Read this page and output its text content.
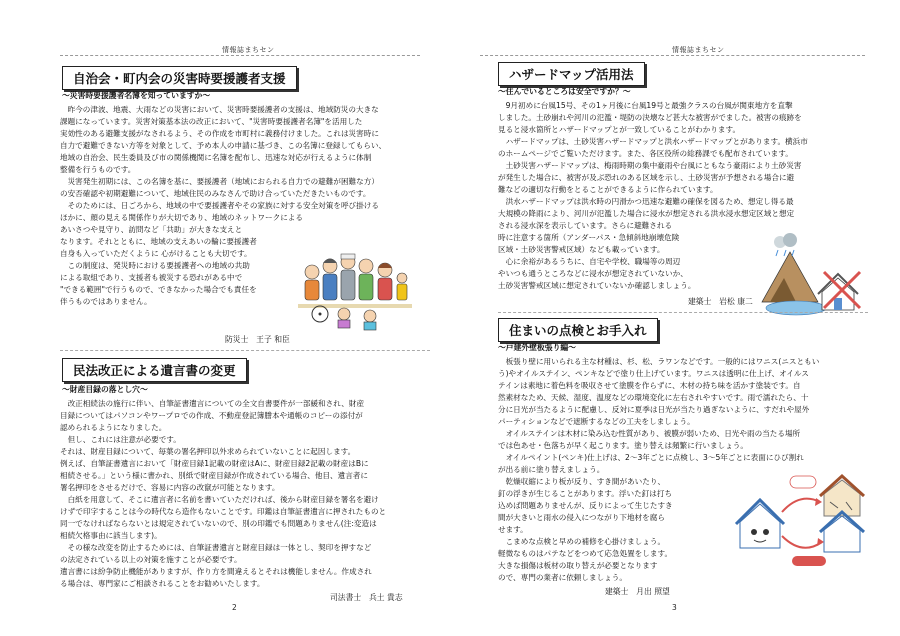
情報誌まちセン
自治会・町内会の災害時要援護者支援
～災害時要援護者名簿を知っていますか～
　昨今の津波、地震、大雨などの災害において、災害時要援護者の支援は、地域防災の大きな
課題になっています。災害対策基本法の改正において、"災害時要援護者名簿"を活用した
実効性のある避難支援がなされるよう、その作成を市町村に義務付けました。これは災害時に
自力で避難できない方等を対象として、予め本人の申請に基づき、この名簿に登録してもらい、
地域の自治会、民生委員及び市の関係機関に名簿を配布し、迅速な対応が行えるように体制
整備を行うものです。
　災害発生初期には、この名簿を基に、要援護者（地域におられる自力での避難が困難な方）
の安否確認や初期避難について、地域住民のみなさんで助け合っていただきたいものです。
　そのためには、日ごろから、地域の中で要援護者やその家族に対する安全対策を呼び掛ける
ほかに、顔の見える関係作りが大切であり、地域のネットワークによる
あいさつや見守り、訪問など「共助」が大きな支えと
なります。それとともに、地域の支えあいの輪に要援護者
自身も入っていただくように 心がけることも大切です。
　この制度は、発災時における要援護者への地域の共助
による取組であり、支援者も被災する恐れがある中で
"できる範囲"で行うもので、できなかった場合でも責任を
伴うものではありません。
防災士　王子 和臣
民法改正による遺言書の変更
～財産目録の落とし穴～
　改正相続法の施行に伴い、自筆証書遺言についての全文自書要件が一部緩和され、財産
目録についてはパソコンやワープロでの作成、不動産登記簿謄本や通帳のコピーの添付が
認められるようになりました。
　但し、これには注意が必要です。
それは、財産目録について、毎葉の署名押印以外求められていないことに起因します。
例えば、自筆証書遺言において「財産目録1記載の財産はAに、財産目録2記載の財産はBに
相続させる。」という様に書かれ、別紙で財産目録が作成されている場合、他目、遺言者に
署名押印をさせるだけで、容易に内容の改竄が可能となります。
　白紙を用意して、そこに遺言者に名前を書いていただければ、後から財産目録を署名を避け
けずで印字することは今の時代なら造作もないことです。印鑑は自筆証書遺言に押されたものと
同一でなければならないとは規定されていないので、別の印鑑でも問題ありません(注:変造は
相続欠格事由に該当します)。
　その様な改変を防止するためには、自筆証書遺言と財産目録は一体とし、契印を押すなど
の法定されている以上の対策を施すことが必要です。
遺言書には紛争防止機能がありますが、作り方を間違えるとそれは機能しません。作成され
る場合は、専門家にご相談されることをお勧めいたします。
司法書士　兵土 貴志
2
情報誌まちセン
ハザードマップ活用法
～住んでいるところは安全ですか？～
　9月初めに台風15号、その1ヶ月後に台風19号と最強クラスの台風が関東地方を直撃
しました。土砂崩れや河川の氾濫・堤防の決壊など甚大な被害がでました。被害の痕跡を
見ると浸水箇所とハザードマップとが一致していることがわかります。
　ハザードマップは、土砂災害ハザードマップと洪水ハザードマップとがあります。横浜市
のホームページでご覧いただけます。また、各区役所の総務課でも配布されています。
　土砂災害ハザードマップは、梅雨時期の集中豪雨や台風にともなう豪雨により土砂災害
が発生した場合に、被害が及ぶ恐れのある区域を示し、土砂災害が予想される場合に避
難などの適切な行動をとることができるように作られています。
　洪水ハザードマップは洪水時の円滑かつ迅速な避難の確保を図るため、想定し得る最
大規模の降雨により、河川が氾濫した場合に浸水が想定される洪水浸水想定区域と想定
される浸水深を表示しています。さらに避難される
時に注意する箇所（アンダーパス・急傾斜地崩壊危険
区域・土砂災害警戒区域）なども載っています。
　心に余裕があるうちに、自宅や学校、職場等の周辺
やいつも通うところなどに浸水が想定されていないか、
土砂災害警戒区域に想定されていないか確認しましょう。
建築士　岩松 康二
住まいの点検とお手入れ
～戸建外壁板張り編～
　板張り壁に用いられる主な材種は、杉、松、ラワンなどです。一般的にはワニス(ニスともい
う)やオイルステイン、ペンキなどで塗り仕上げています。ワニスは透明に仕上げ、オイルス
テインは素地に着色料を吸収させて塗膜を作らずに、木材の持ち味を活かす塗装です。自
然素材なため、天候、湿度、温度などの環境変化に左右されやすいです。雨で濡れたら、十
分に日光が当たるように配慮し、反対に夏季は日光が当たり過ぎないように、すだれや屋外
パーティションなどで遮断するなどの工夫をしましょう。
　オイルステインは木材に染み込む性質があり、被膜が弱いため、日光や雨の当たる場所
では色あせ・色落ちが早く起こります。塗り替えは頻繁に行いましょう。
　オイルペイント(ペンキ)仕上げは、2～3年ごとに点検し、3～5年ごとに表面にひび割れ
が出る前に塗り替えましょう。
　乾燥収縮により板が反り、すき間があいたり、
釘の浮きが生じることがあります。浮いた釘は打ち
込めば問題ありませんが、反りによって生じたすき
間が大きいと雨水の侵入につながり下地材を腐ら
せます。
　こまめな点検と早めの補修を心掛けましょう。
軽微なものはパテなどをつめて応急処置をします。
大きな損傷は板材の取り替えが必要となります
ので、専門の業者に依頼しましょう。
建築士　月出 照望
3
